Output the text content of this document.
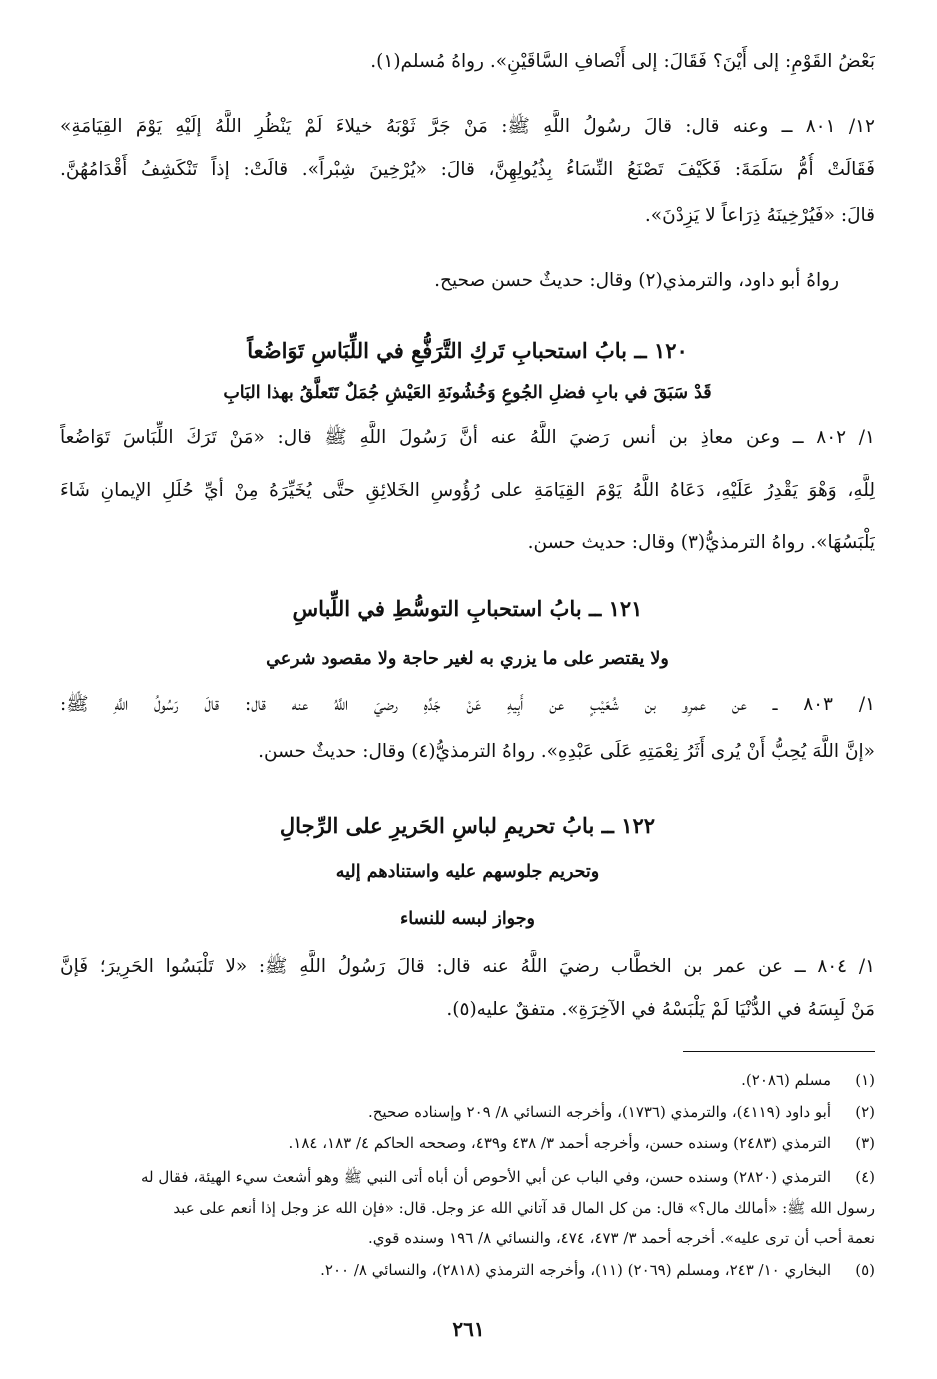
بَعْضُ القَوْمِ: إلى أَيْنَ؟ فَقَالَ: إلى أَنْصافِ السَّاقَيْنِ». رواهُ مُسلم(١).
١٢/ ٨٠١ ــ وعنه قال: قالَ رسُولُ اللَّهِ ﷺ: مَنْ جَرَّ ثَوْبَهُ خيلاءَ لَمْ يَنْظُرِ اللَّهُ إلَيْهِ يَوْمَ القِيَامَةِ»
فَقَالَتْ أُمُّ سَلَمَةَ: فَكَيْفَ تَصْنَعُ النِّسَاءُ بِذُيُولِهِنَّ، قالَ: «يُرْخِينَ شِبْراً». قالَتْ: إذاً تَنْكَشِفُ أَقْدَامُهُنَّ.
قالَ: «فَيُرْخِينَهُ ذِرَاعاً لا يَزِدْنَ».
رواهُ أبو داود، والترمذي(٢) وقال: حديثٌ حسن صحيح.
١٢٠ ــ بابُ استحبابِ تَركِ التَّرَفُّعِ في اللِّبَاسِ تَوَاضُعاً
قَدْ سَبَقَ في بابِ فضلِ الجُوعِ وَخُشُونَةِ العَيْشِ جُمَلٌ تَتَعلَّقُ بهذا البَابِ
١/ ٨٠٢ ــ وعن معاذِ بن أنس رَضيَ اللَّهُ عنه أنَّ رَسُولَ اللَّهِ ﷺ قال: «مَنْ تَرَكَ اللِّبَاسَ تَوَاضُعاً
لِلَّهِ، وَهْوَ يَقْدِرُ عَلَيْهِ، دَعَاهُ اللَّهُ يَوْمَ القِيَامَةِ على رُؤُوسِ الخَلائِقِ حتَّى يُخَيِّرَهُ مِنْ أيِّ حُلَلِ الإيمانِ شَاءَ
يَلْبَسُهَا». رواهُ الترمذيُّ(٣) وقال: حديث حسن.
١٢١ ــ بابُ استحبابِ التوسُّطِ في اللِّباسِ
ولا يقتصر على ما يزري به لغير حاجة ولا مقصود شرعي
١/ ٨٠٣ ــ عن عمرِو بن شُعَيْبٍ عن أَبِيهِ عَنْ جَدِّهِ رضيَ اللَّهُ عنه قال: قالَ رَسُولُ اللَّهِ ﷺ:
«إنَّ اللَّهَ يُحِبُّ أَنْ يُرى أَثَرُ نِعْمَتِهِ عَلَى عَبْدِهِ». رواهُ الترمذيُّ(٤) وقال: حديثٌ حسن.
١٢٢ ــ بابُ تحريمِ لباسِ الحَريرِ على الرِّجالِ
وتحريم جلوسهم عليه واستنادهم إليه
وجواز لبسه للنساء
١/ ٨٠٤ ــ عن عمر بن الخطَّاب رضيَ اللَّهُ عنه قال: قالَ رَسُولُ اللَّهِ ﷺ: «لا تَلْبَسُوا الحَرِيرَ؛ فَإنَّ
مَنْ لَبِسَهُ في الدُّنْيَا لَمْ يَلْبَسْهُ في الآخِرَةِ». متفقٌ عليه(٥).
(١)مسلم (٢٠٨٦).
(٢)أبو داود (٤١١٩)، والترمذي (١٧٣٦)، وأخرجه النسائي ٨/ ٢٠٩ وإسناده صحيح.
(٣)الترمذي (٢٤٨٣) وسنده حسن، وأخرجه أحمد ٣/ ٤٣٨ و٤٣٩، وصححه الحاكم ٤/ ١٨٣، ١٨٤.
(٤)الترمذي (٢٨٢٠) وسنده حسن، وفي الباب عن أبي الأحوص أن أباه أتى النبي ﷺ وهو أشعث سيء الهيئة، فقال له
رسول الله ﷺ: «أمالك مال؟» قال: من كل المال قد آتاني الله عز وجل. قال: «فإن الله عز وجل إذا أنعم على عبد
نعمة أحب أن ترى عليه». أخرجه أحمد ٣/ ٤٧٣، ٤٧٤، والنسائي ٨/ ١٩٦ وسنده قوي.
(٥)البخاري ١٠/ ٢٤٣، ومسلم (٢٠٦٩) (١١)، وأخرجه الترمذي (٢٨١٨)، والنسائي ٨/ ٢٠٠.
٢٦١
